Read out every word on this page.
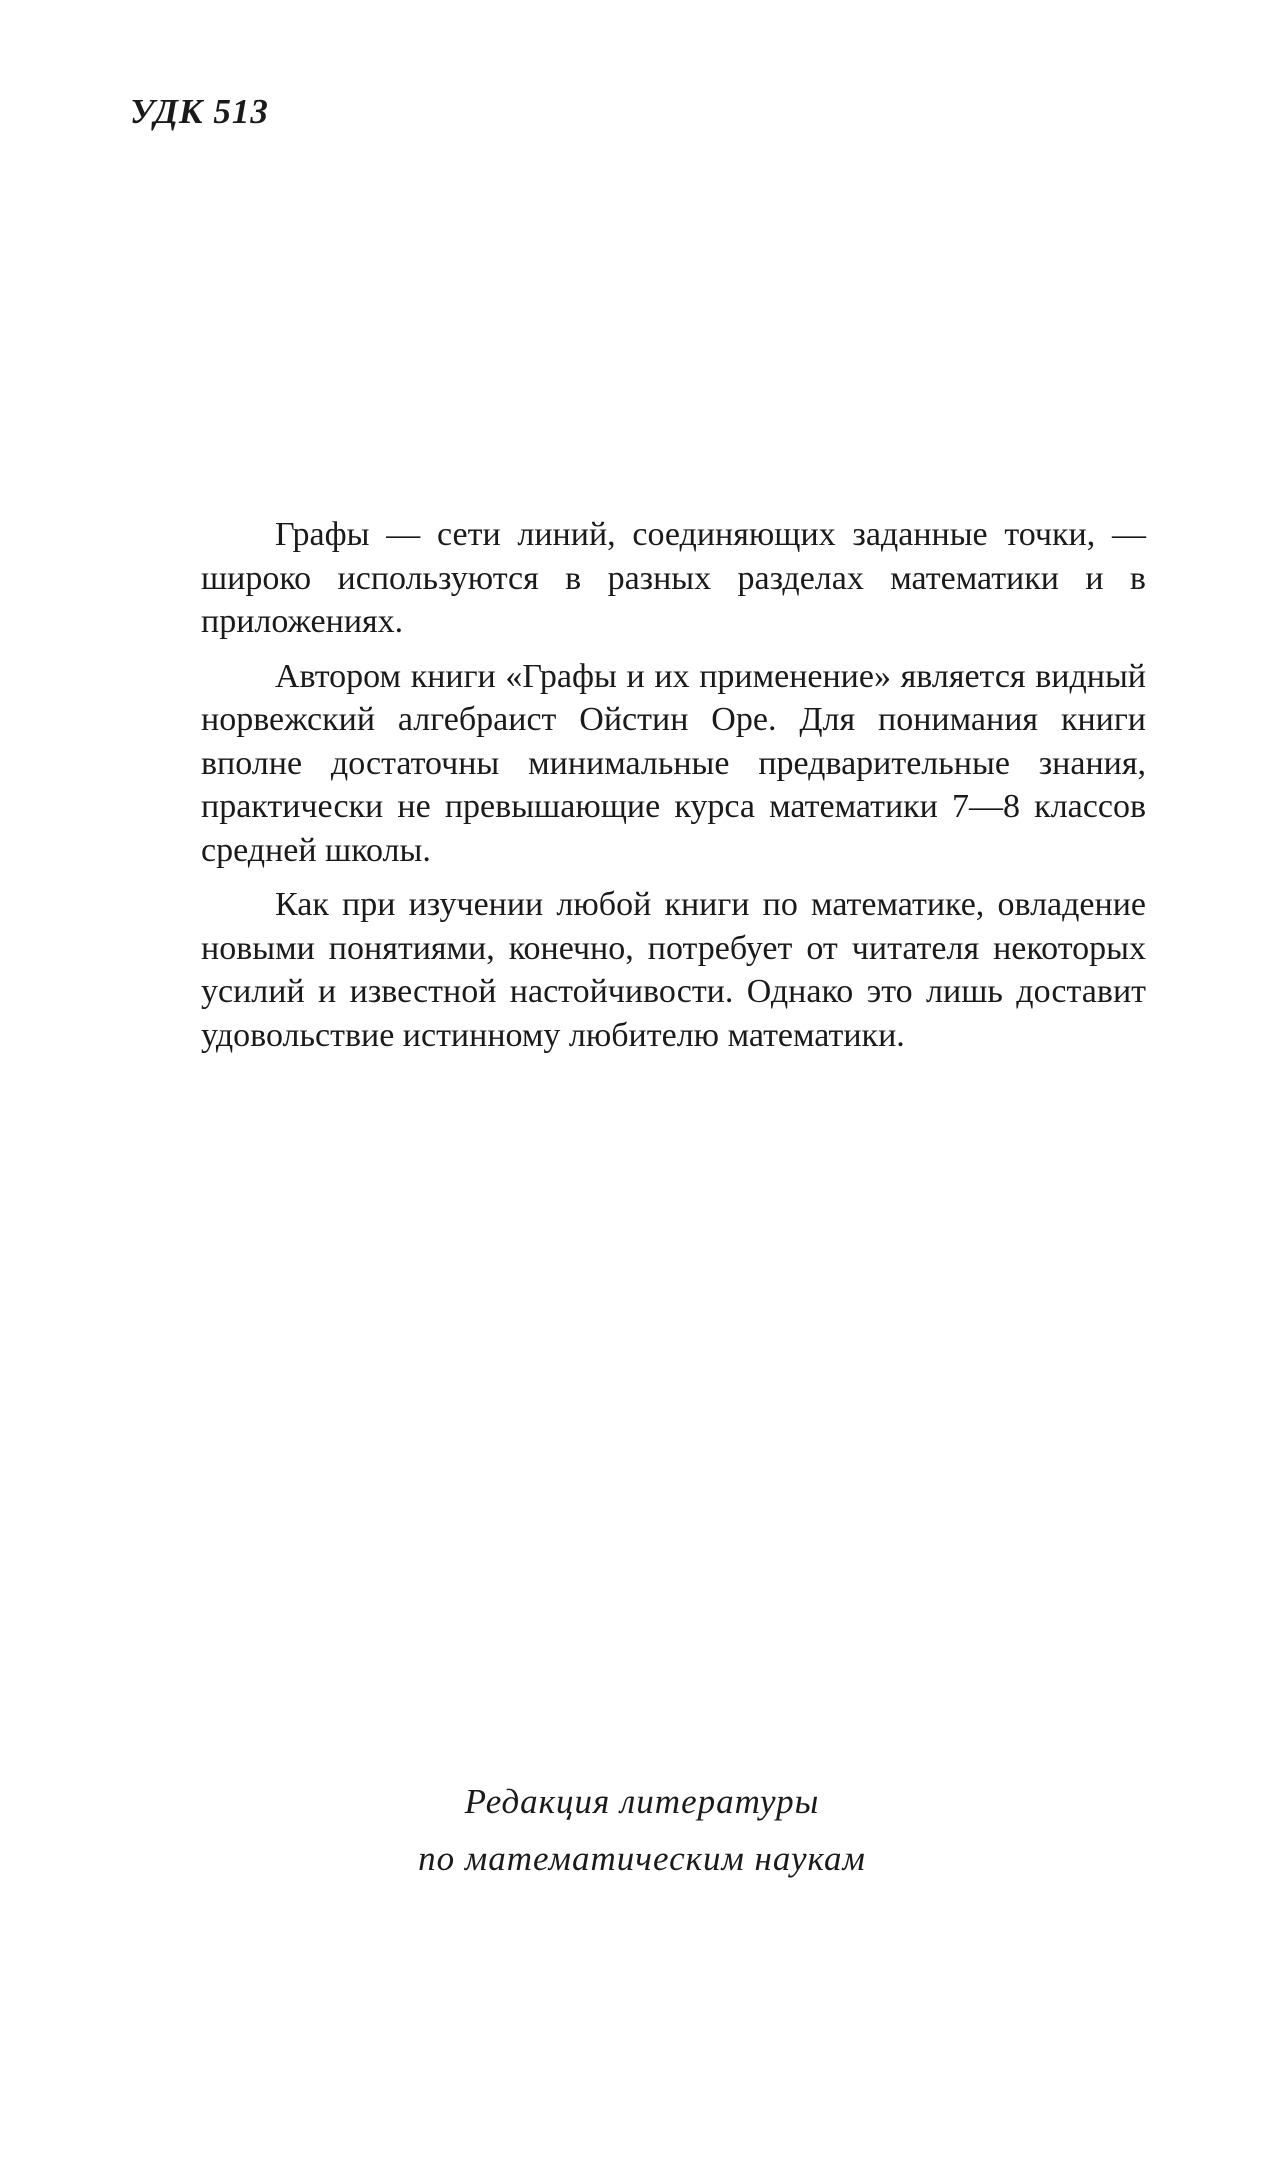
УДК 513

Графы — сети линий, соединяющих заданные точки, — широко используются в разных разделах математики и в приложениях.

Автором книги «Графы и их применение» является видный норвежский алгебраист Ойстин Оре. Для понимания книги вполне достаточны минимальные предварительные знания, практически не превышающие курса математики 7—8 классов средней школы.

Как при изучении любой книги по математике, овладение новыми понятиями, конечно, потребует от читателя некоторых усилий и известной настойчивости. Однако это лишь доставит удовольствие истинному любителю математики.

Редакция литературы
по математическим наукам
